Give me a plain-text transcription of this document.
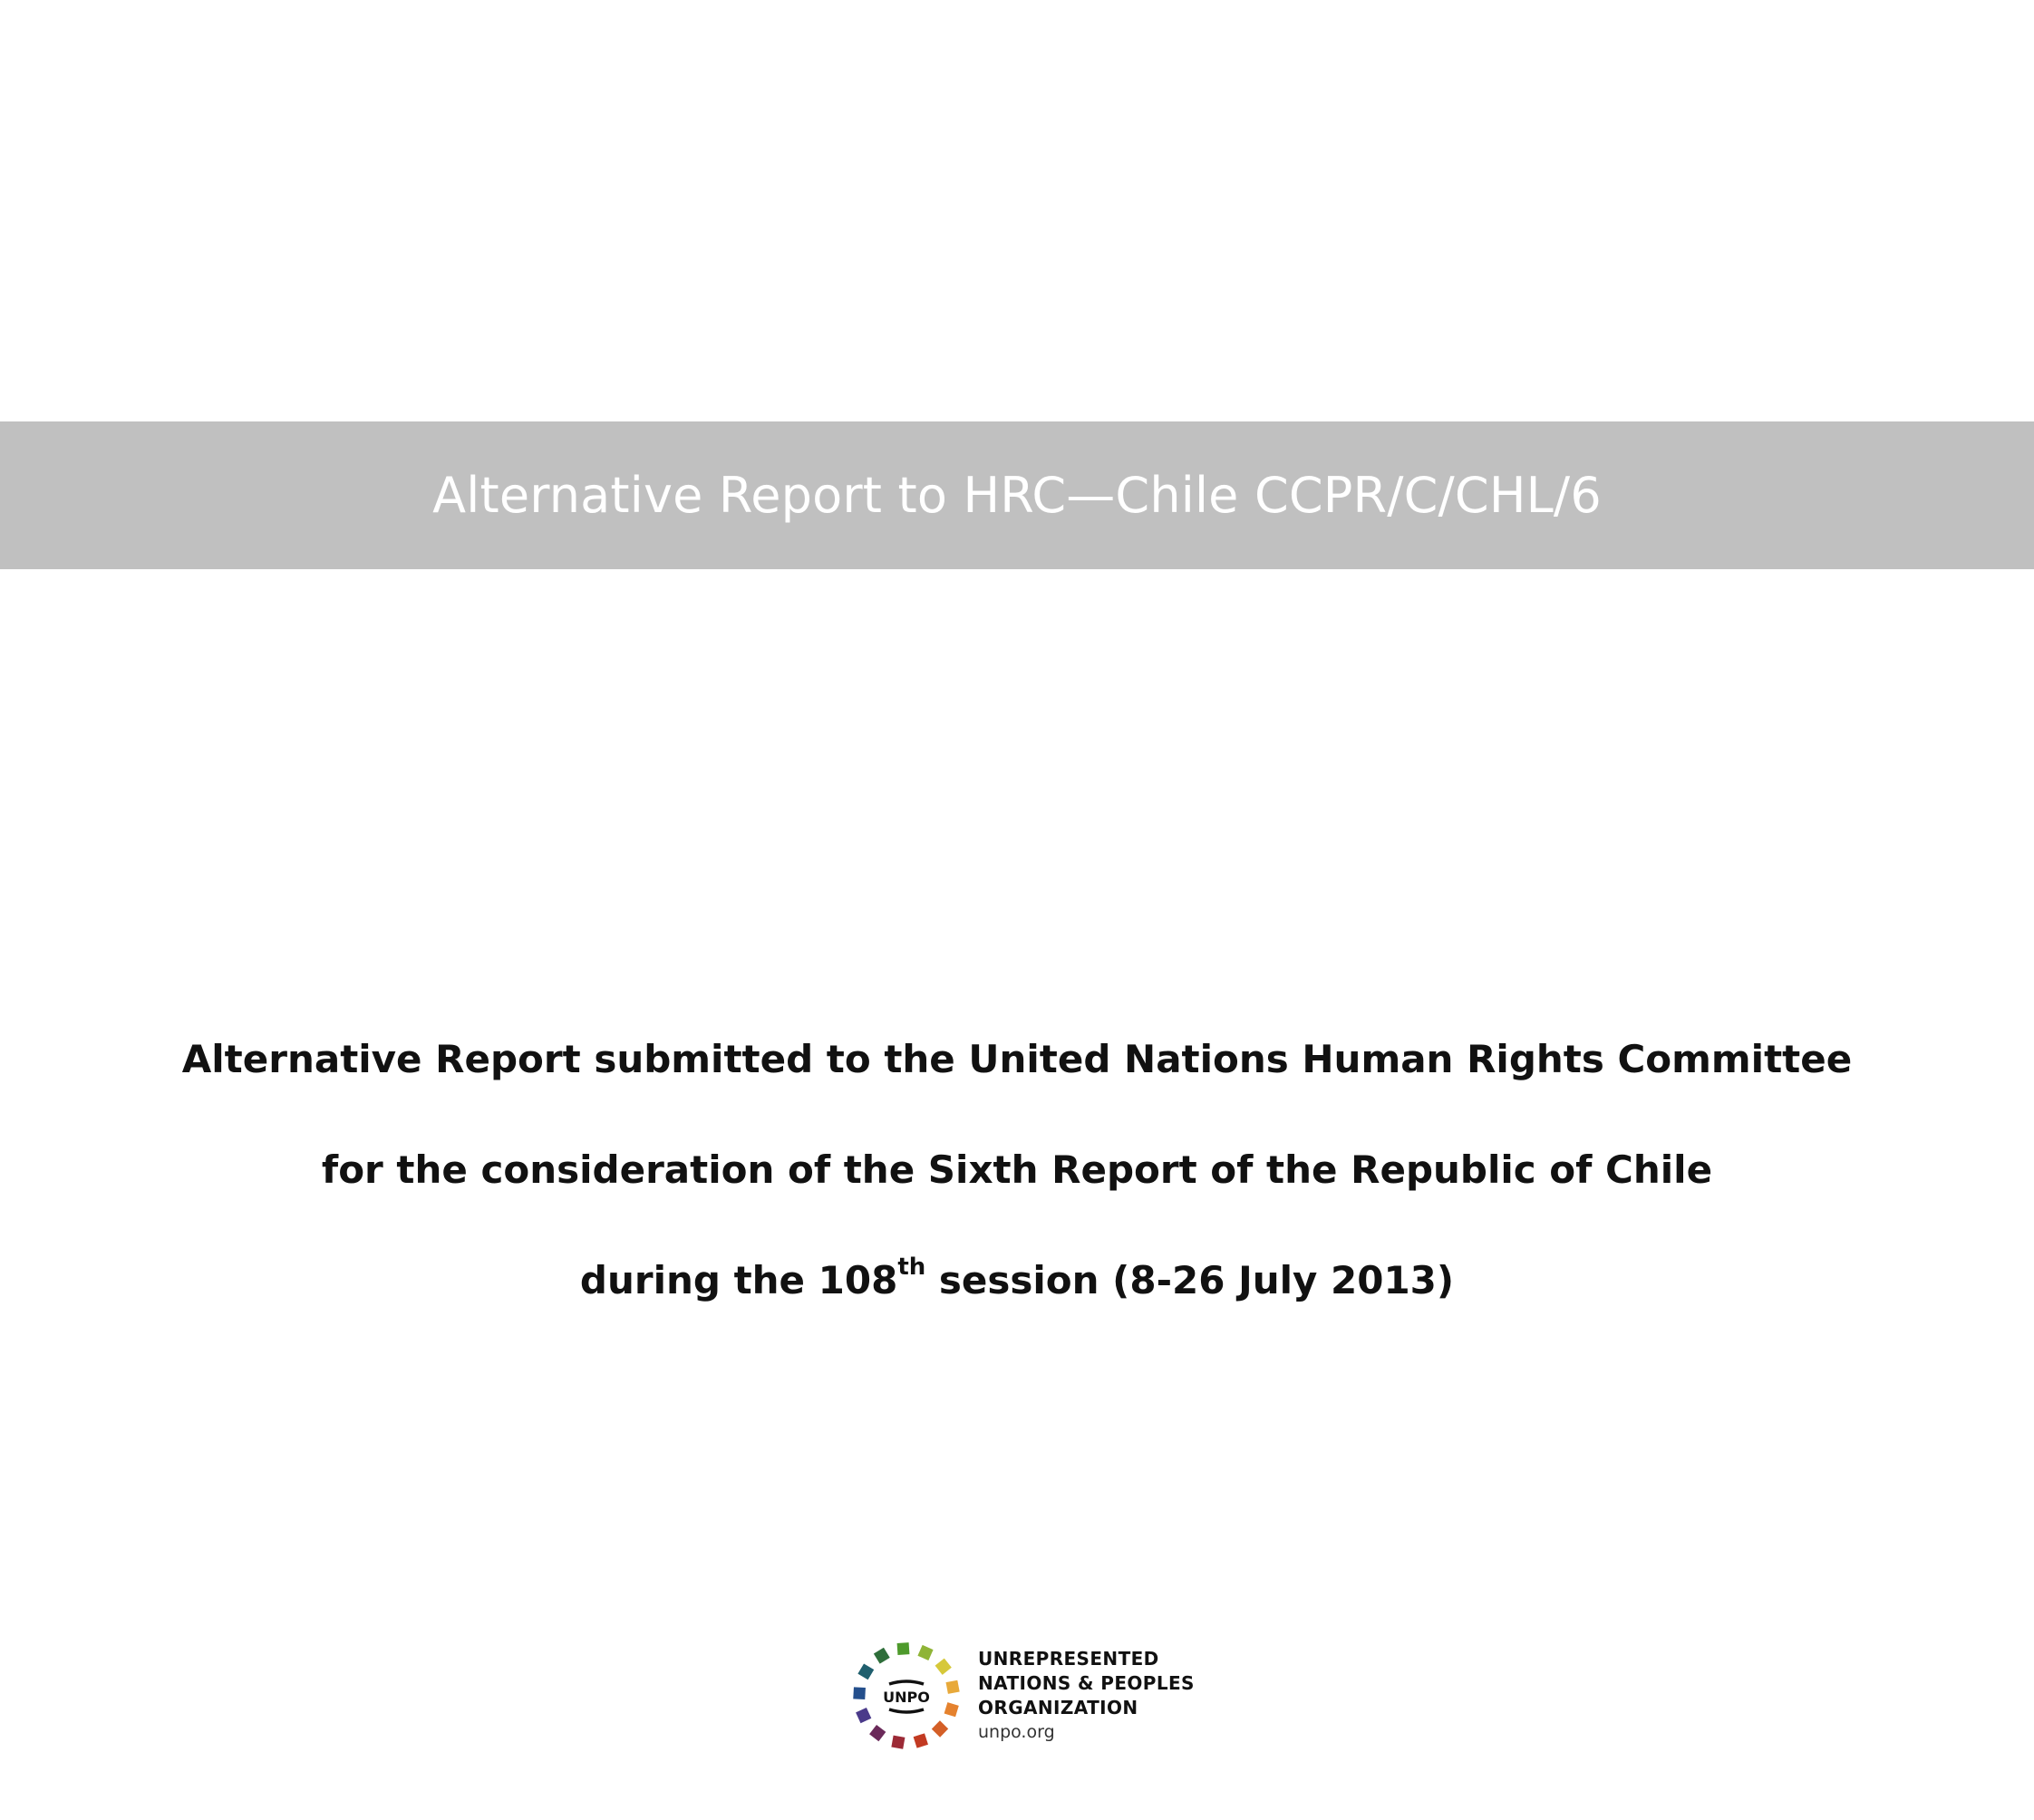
Alternative Report to HRC—Chile CCPR/C/CHL/6
Alternative Report submitted to the United Nations Human Rights Committee
for the consideration of the Sixth Report of the Republic of Chile
during the 108th session (8-26 July 2013)
UNPO
UNREPRESENTED
NATIONS & PEOPLES
ORGANIZATION
unpo.org
